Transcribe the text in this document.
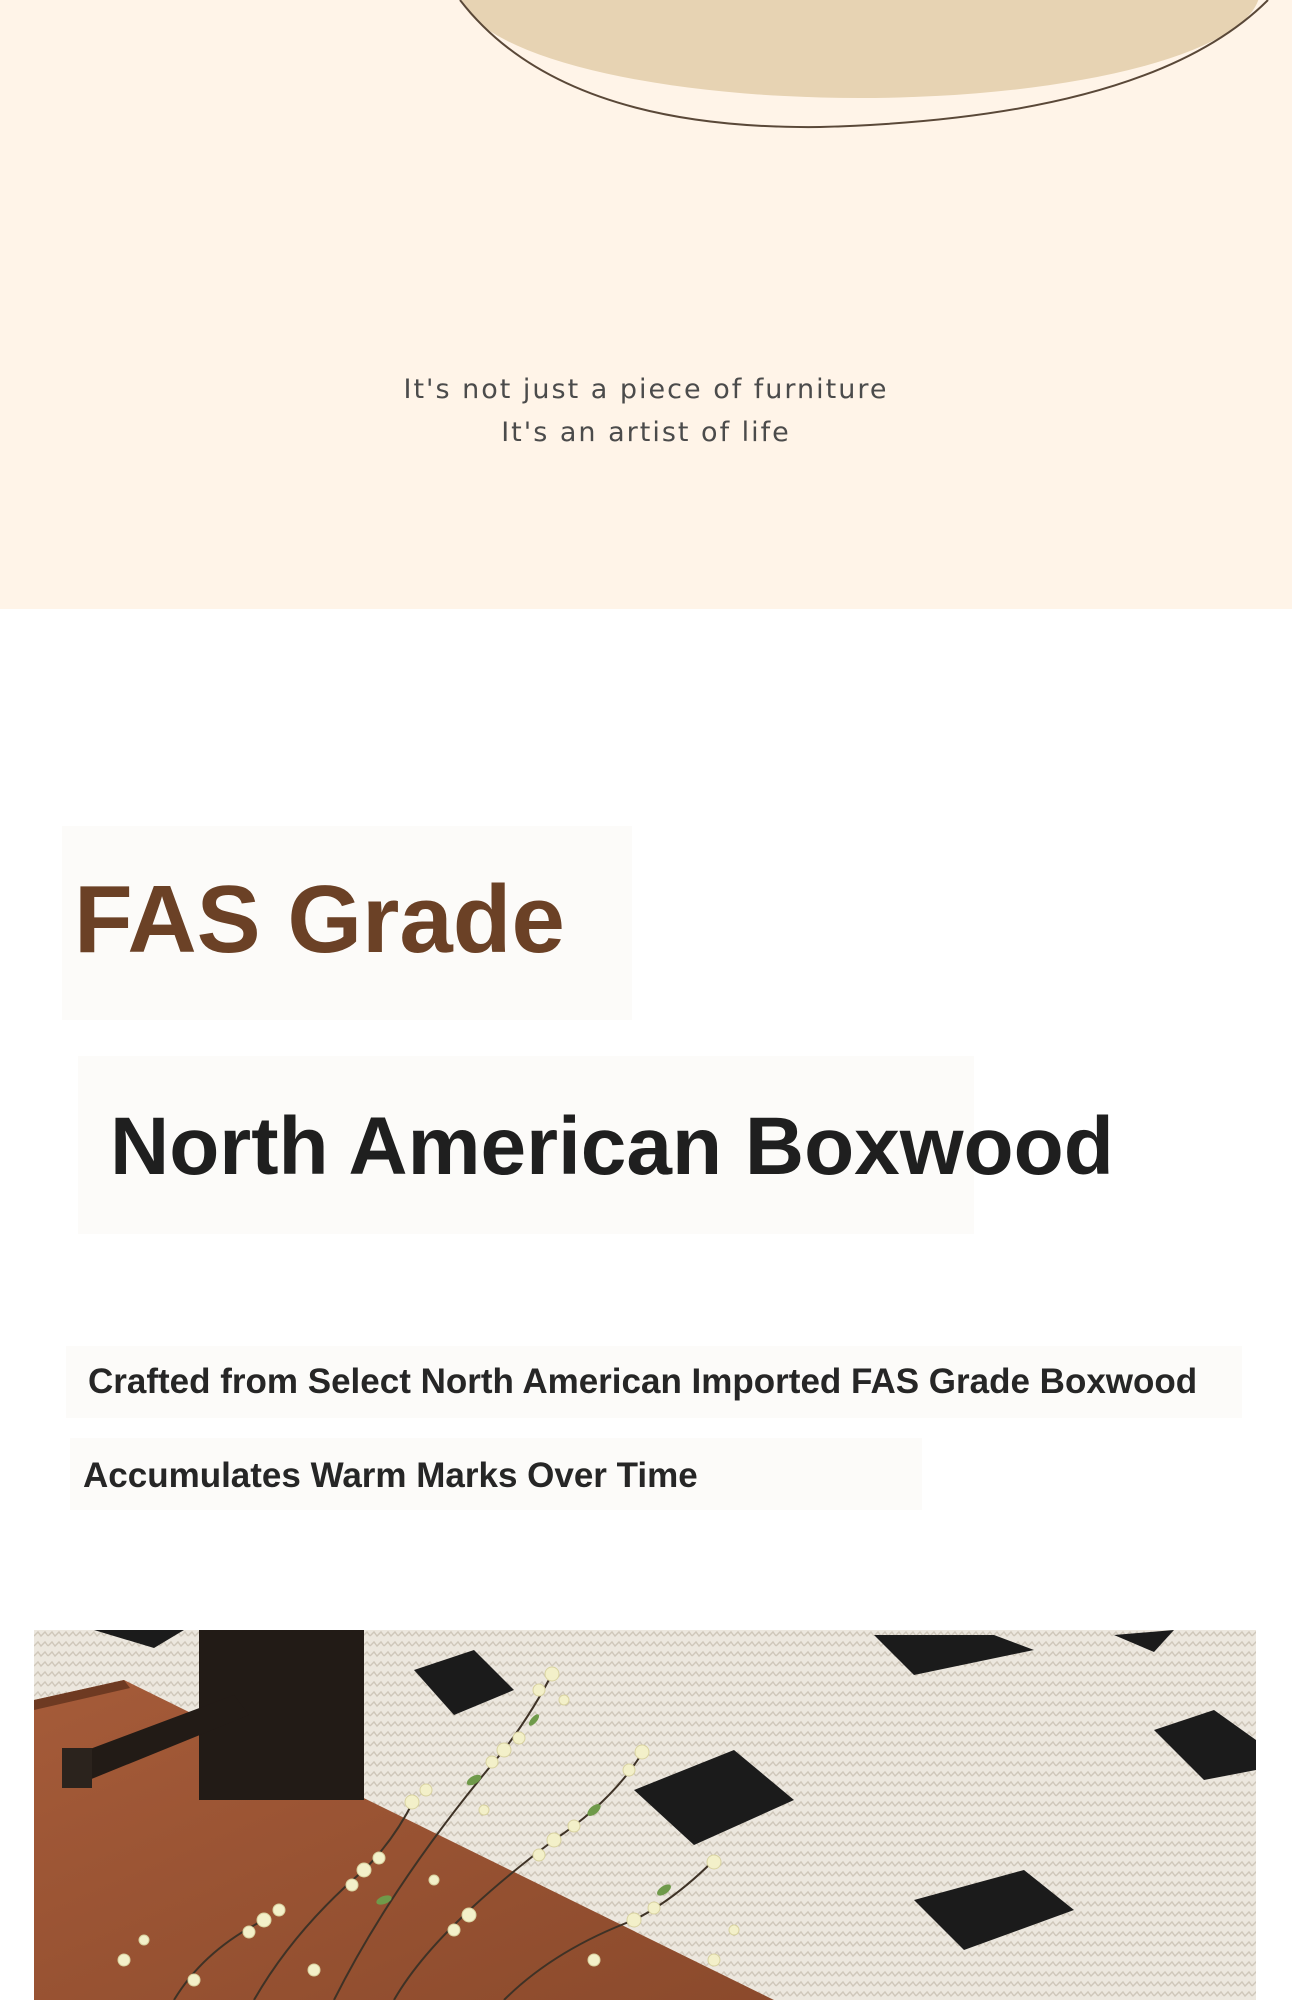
It's not just a piece of furniture
It's an artist of life
FAS Grade
North American Boxwood
Crafted from Select North American Imported FAS Grade Boxwood
Accumulates Warm Marks Over Time
